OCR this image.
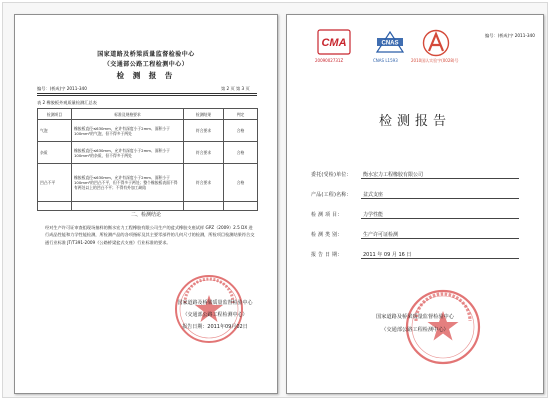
国家道路及桥梁质量监督检验中心
（交通部公路工程检测中心）
检 测 报 告
编号：(桥成)字 2011-340	第 2 页 第 3 页
表 2 橡胶板外观质量检测汇总表
检测项目	标准及规格要求	检测结果	判定
气泡	橡胶板直径≤630mm，允许有深度小于2mm、面积小于100mm²的气泡，但不得多于两处	符合要求	合格
杂质	橡胶板直径≤630mm，允许有深度小于2mm、面积小于100mm²的杂质，但不得多于两处	符合要求	合格
凹凸不平	橡胶板直径≤630mm，允许有深度小于2mm、面积小于100mm²的凹凸不平，但不得多于两处；整个橡胶板表面不得有两处以上的凹凸不平；不得有外加工缺陷	符合要求	合格

二、检测结论

经对生产许可证审查组现场抽样的衡水宏力工程橡胶有限公司生产的盆式橡胶支座试样 GPZ（2009）2.5 DX 进行成品性能和力学性能检测，所检测产品的各项指标及其主要零部件的几何尺寸的检测，所检项目检测结果符合交通行业标准 JT/T391-2009《公路桥梁盆式支座》行业标准的要求。

国家道路及桥梁质量监督检验中心
（交通部公路工程检测中心）
报告日期：2011年09月02日
CMA
2009002731Z
CNAS
CNAS L1593	2010国认实验字(0028)号
编号：(桥成)字 2011-340
检测报告
委托(受检)单位： 衡水宏力工程橡胶有限公司
产品(工程)名称： 盆式支座
检 测 项 目：	力学性能
检 测 类 别：	生产许可证检测
报 告 日 期：	2011 年 09 月 16 日
国家道路及桥梁质量监督检验中心
（交通部公路工程检测中心）
